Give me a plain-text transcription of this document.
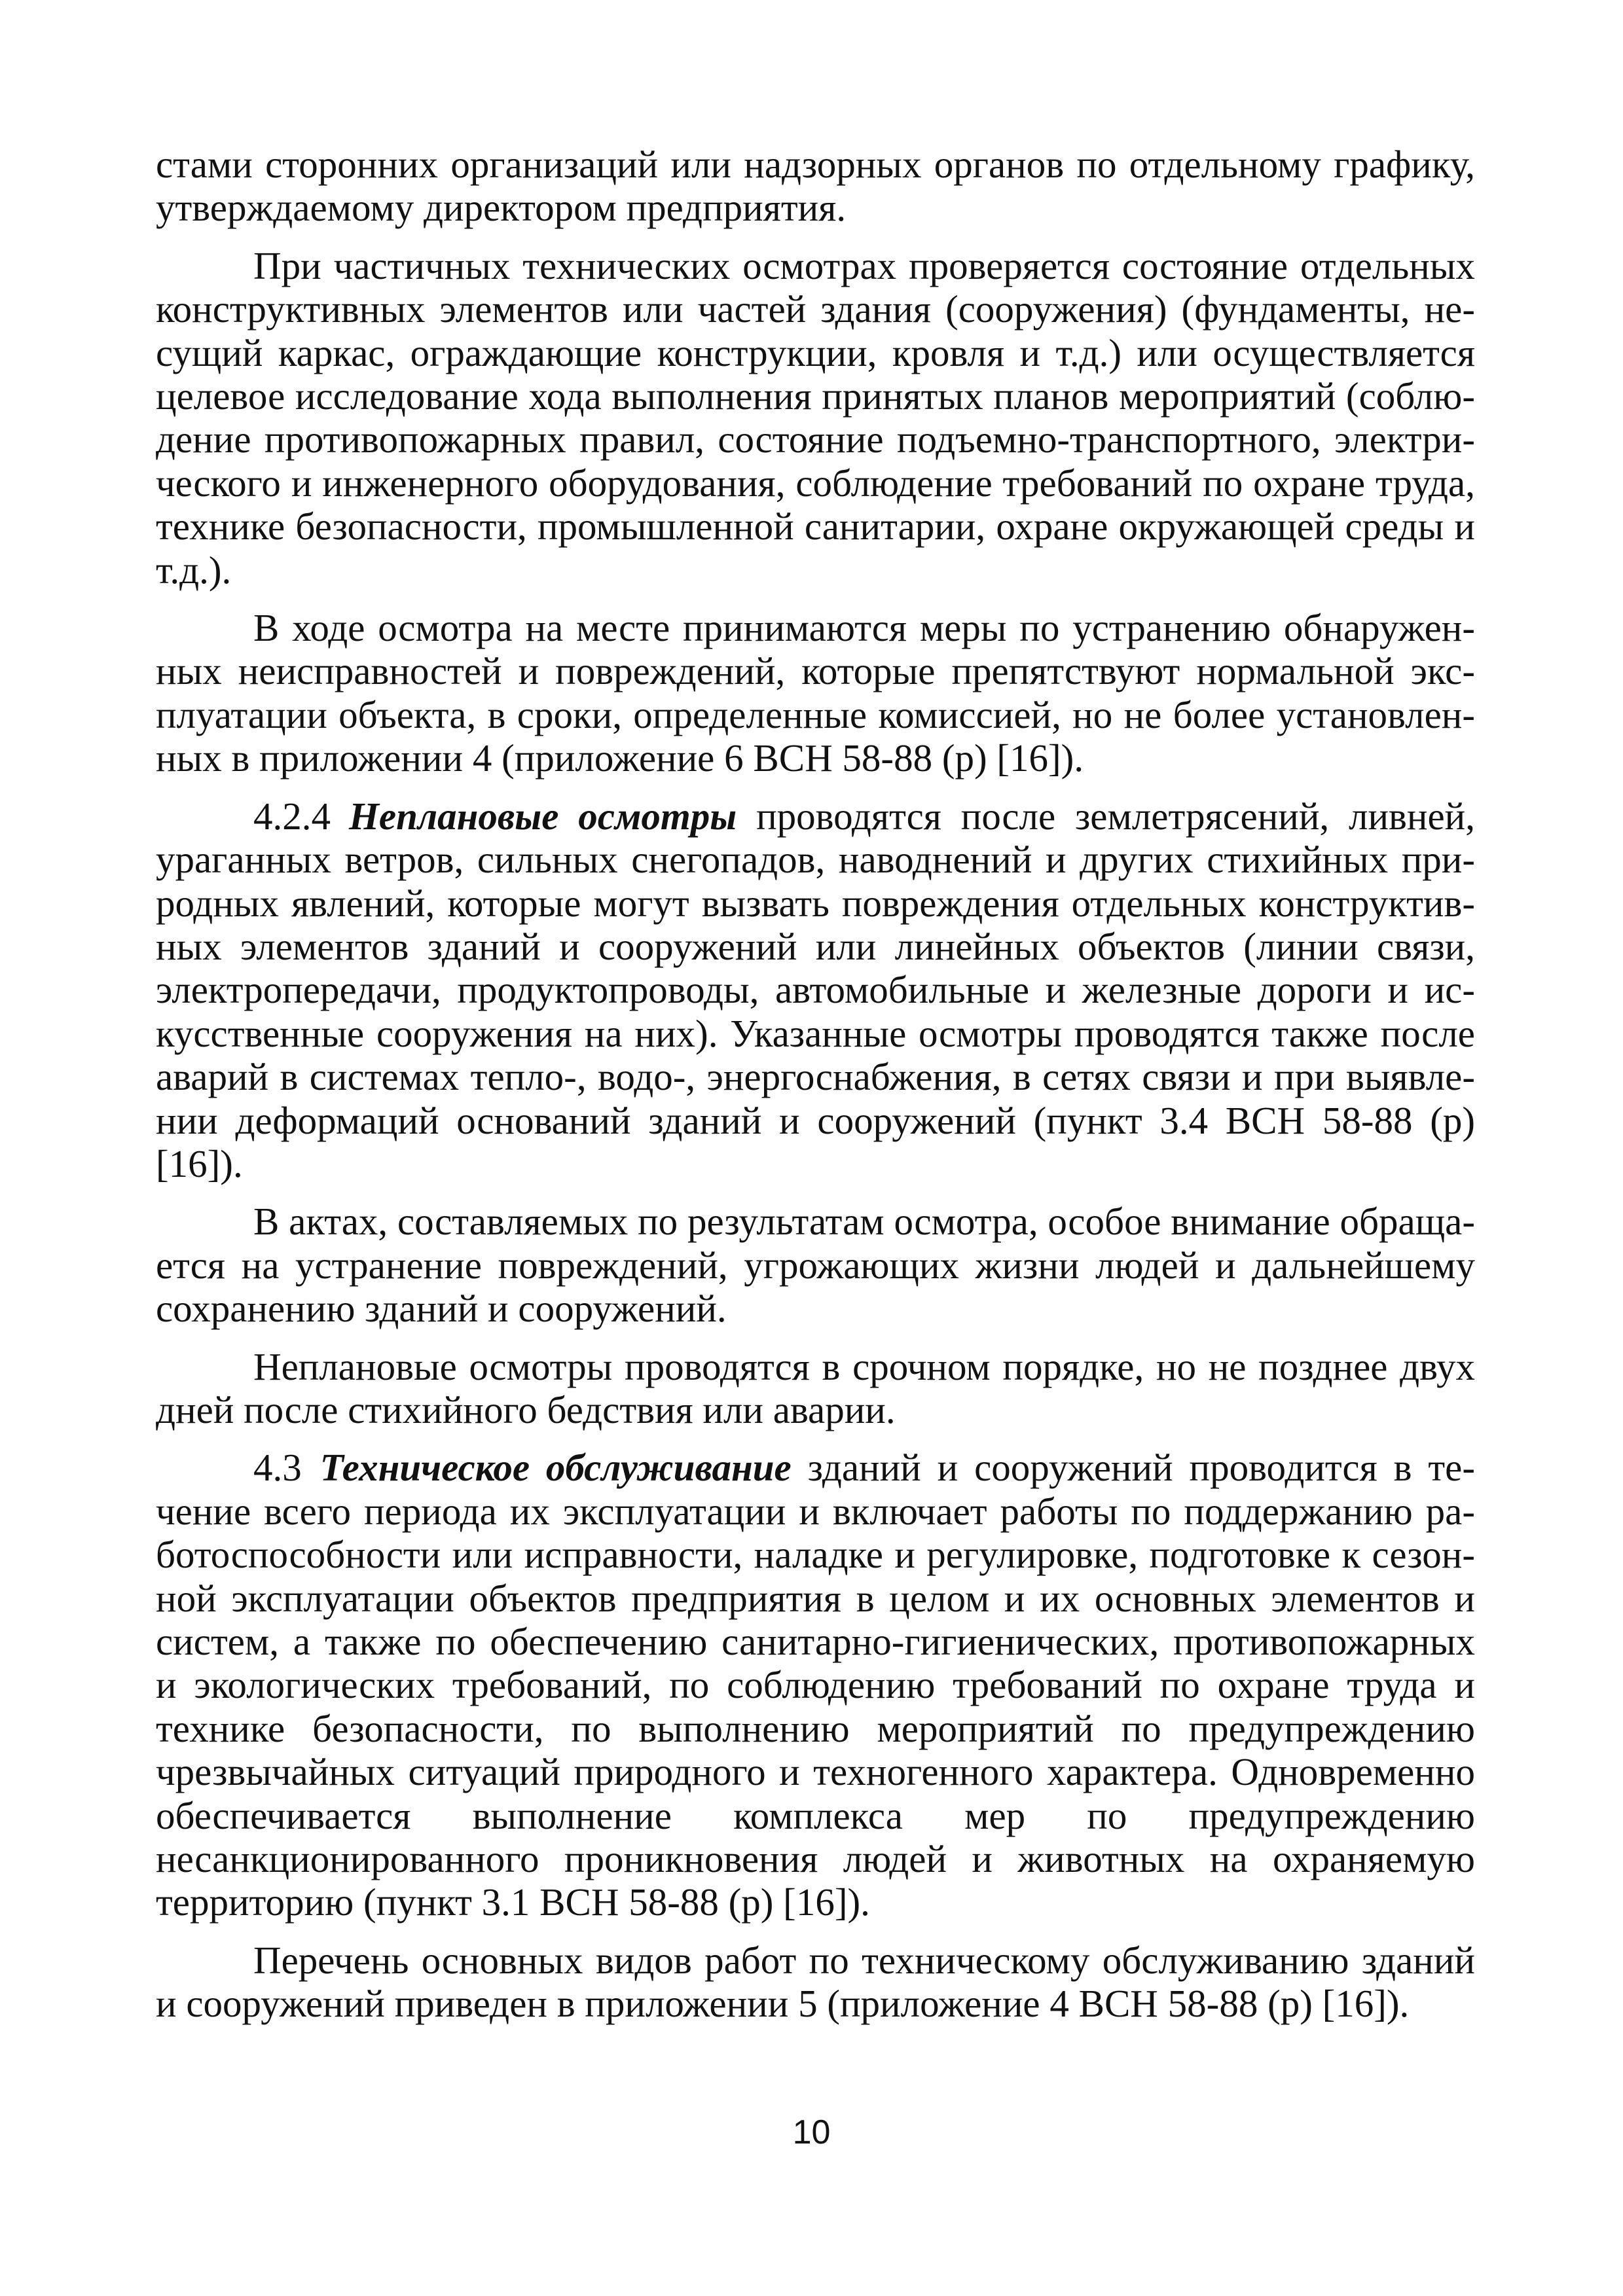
стами сторонних организаций или надзорных органов по отдельному графику, утверждаемому директором предприятия.

При частичных технических осмотрах проверяется состояние отдельных конструктивных элементов или частей здания (сооружения) (фундаменты, несущий каркас, ограждающие конструкции, кровля и т.д.) или осуществляется целевое исследование хода выполнения принятых планов мероприятий (соблюдение противопожарных правил, состояние подъемно-транспортного, электрического и инженерного оборудования, соблюдение требований по охране труда, технике безопасности, промышленной санитарии, охране окружающей среды и т.д.).

В ходе осмотра на месте принимаются меры по устранению обнаруженных неисправностей и повреждений, которые препятствуют нормальной эксплуатации объекта, в сроки, определенные комиссией, но не более установленных в приложении 4 (приложение 6 ВСН 58-88 (р) [16]).

4.2.4 Неплановые осмотры проводятся после землетрясений, ливней, ураганных ветров, сильных снегопадов, наводнений и других стихийных природных явлений, которые могут вызвать повреждения отдельных конструктивных элементов зданий и сооружений или линейных объектов (линии связи, электропередачи, продуктопроводы, автомобильные и железные дороги и искусственные сооружения на них). Указанные осмотры проводятся также после аварий в системах тепло-, водо-, энергоснабжения, в сетях связи и при выявлении деформаций оснований зданий и сооружений (пункт 3.4 ВСН 58-88 (р) [16]).

В актах, составляемых по результатам осмотра, особое внимание обращается на устранение повреждений, угрожающих жизни людей и дальнейшему сохранению зданий и сооружений.

Неплановые осмотры проводятся в срочном порядке, но не позднее двух дней после стихийного бедствия или аварии.

4.3 Техническое обслуживание зданий и сооружений проводится в течение всего периода их эксплуатации и включает работы по поддержанию работоспособности или исправности, наладке и регулировке, подготовке к сезонной эксплуатации объектов предприятия в целом и их основных элементов и систем, а также по обеспечению санитарно-гигиенических, противопожарных и экологических требований, по соблюдению требований по охране труда и технике безопасности, по выполнению мероприятий по предупреждению чрезвычайных ситуаций природного и техногенного характера. Одновременно обеспечивается выполнение комплекса мер по предупреждению несанкционированного проникновения людей и животных на охраняемую территорию (пункт 3.1 ВСН 58-88 (р) [16]).

Перечень основных видов работ по техническому обслуживанию зданий и сооружений приведен в приложении 5 (приложение 4 ВСН 58-88 (р) [16]).

10
